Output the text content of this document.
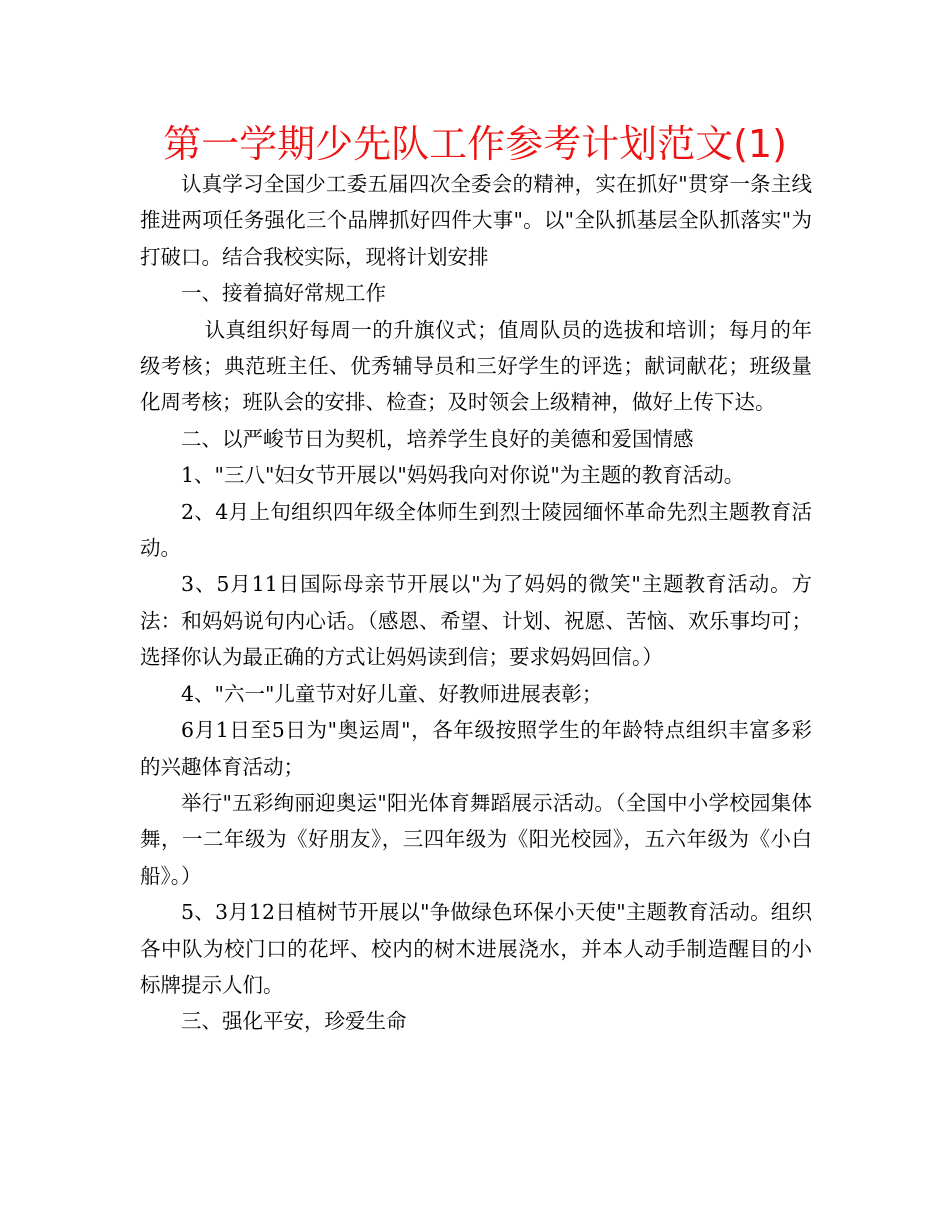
第一学期少先队工作参考计划范文(1)

认真学习全国少工委五届四次全委会的精神，实在抓好"贯穿一条主线推进两项任务强化三个品牌抓好四件大事"。以"全队抓基层全队抓落实"为打破口。结合我校实际，现将计划安排

一、接着搞好常规工作

认真组织好每周一的升旗仪式；值周队员的选拔和培训；每月的年级考核；典范班主任、优秀辅导员和三好学生的评选；献词献花；班级量化周考核；班队会的安排、检查；及时领会上级精神，做好上传下达。

二、以严峻节日为契机，培养学生良好的美德和爱国情感

1、"三八"妇女节开展以"妈妈我向对你说"为主题的教育活动。

2、4月上旬组织四年级全体师生到烈士陵园缅怀革命先烈主题教育活动。

3、5月11日国际母亲节开展以"为了妈妈的微笑"主题教育活动。方法：和妈妈说句内心话。（感恩、希望、计划、祝愿、苦恼、欢乐事均可；选择你认为最正确的方式让妈妈读到信；要求妈妈回信。）

4、"六一"儿童节对好儿童、好教师进展表彰；

6月1日至5日为"奥运周"，各年级按照学生的年龄特点组织丰富多彩的兴趣体育活动；

举行"五彩绚丽迎奥运"阳光体育舞蹈展示活动。（全国中小学校园集体舞，一二年级为《好朋友》，三四年级为《阳光校园》，五六年级为《小白船》。）

5、3月12日植树节开展以"争做绿色环保小天使"主题教育活动。组织各中队为校门口的花坪、校内的树木进展浇水，并本人动手制造醒目的小标牌提示人们。

三、强化平安，珍爱生命
